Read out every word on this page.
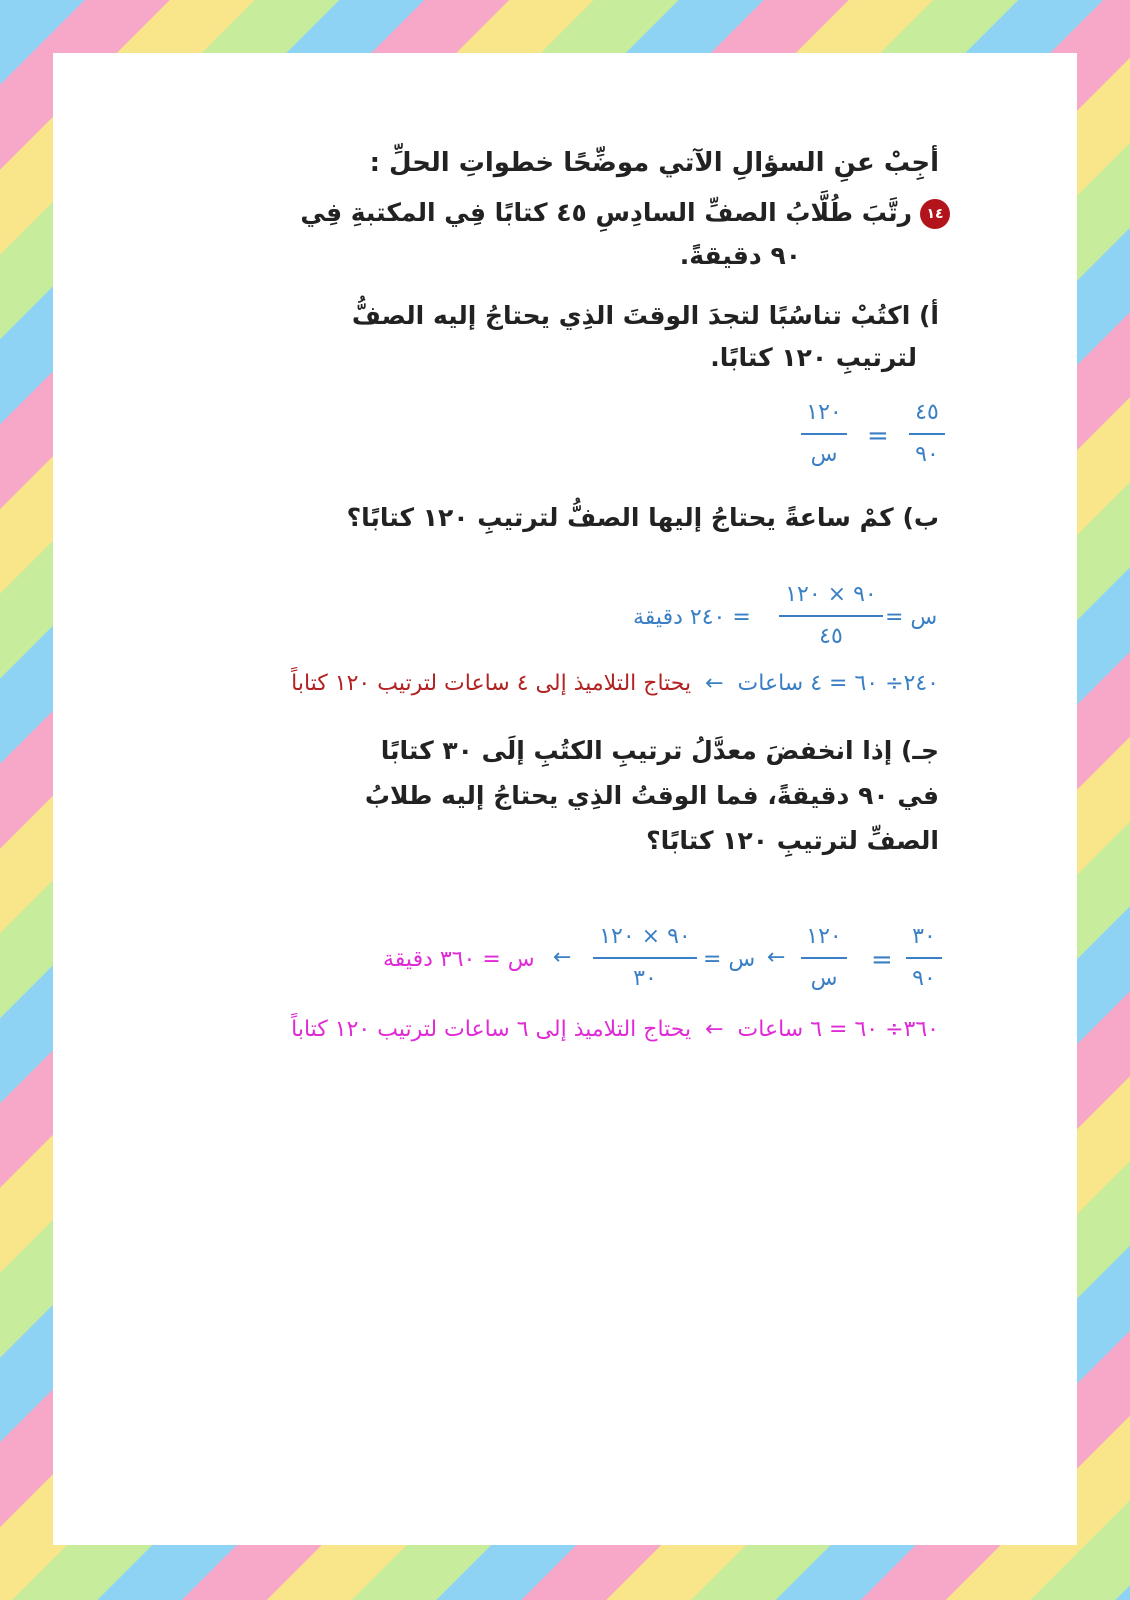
أجِبْ عنِ السؤالِ الآتي موضِّحًا خطواتِ الحلِّ :
١٤رتَّبَ طُلَّابُ الصفِّ السادِسِ ٤٥ كتابًا فِي المكتبةِ فِي
٩٠ دقيقةً.
أ) اكتُبْ تناسُبًا لتجدَ الوقتَ الذِي يحتاجُ إليه الصفُّ
لترتيبِ ١٢٠ كتابًا.
٤٥
٩٠
=
١٢٠
س
ب) كمْ ساعةً يحتاجُ إليها الصفُّ لترتيبِ ١٢٠ كتابًا؟
س =
٩٠ × ١٢٠
٤٥
= ٢٤٠ دقيقة
٢٤٠÷ ٦٠ = ٤ ساعات  ←  يحتاج التلاميذ إلى ٤ ساعات لترتيب ١٢٠ كتاباً
جـ) إذا انخفضَ معدَّلُ ترتيبِ الكتُبِ إلَى ٣٠ كتابًا
في ٩٠ دقيقةً، فما الوقتُ الذِي يحتاجُ إليه طلابُ
الصفِّ لترتيبِ ١٢٠ كتابًا؟
٣٠
٩٠
=
١٢٠
س
←
س =
٩٠ × ١٢٠
٣٠
←
س = ٣٦٠ دقيقة
٣٦٠÷ ٦٠ = ٦ ساعات  ←  يحتاج التلاميذ إلى ٦ ساعات لترتيب ١٢٠ كتاباً
